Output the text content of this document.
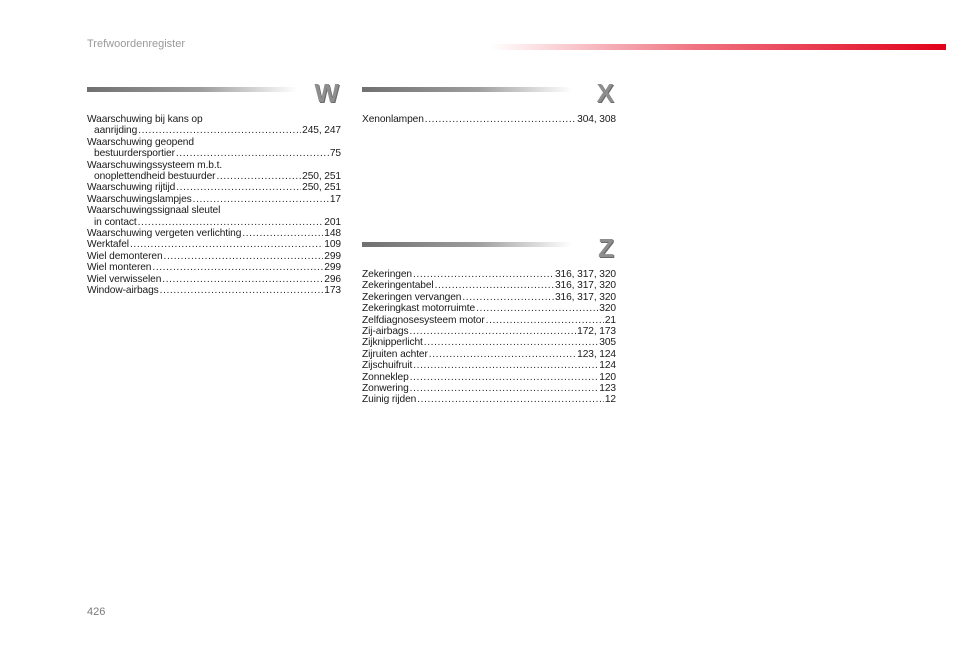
Trefwoordenregister
W
Waarschuwing bij kans op
aanrijding .....	245, 247
Waarschuwing geopend
bestuurdersportier .....	75
Waarschuwingssysteem m.b.t.
onoplettendheid bestuurder .....	250, 251
Waarschuwing rijtijd .....	250, 251
Waarschuwingslampjes .....	17
Waarschuwingssignaal sleutel
in contact .....	201
Waarschuwing vergeten verlichting .....	148
Werktafel .....	109
Wiel demonteren .....	299
Wiel monteren .....	299
Wiel verwisselen .....	296
Window-airbags .....	173
X
Xenonlampen .....	304, 308
Z
Zekeringen .....	316, 317, 320
Zekeringentabel .....	316, 317, 320
Zekeringen vervangen .....	316, 317, 320
Zekeringkast motorruimte .....	320
Zelfdiagnosesysteem motor .....	21
Zij-airbags .....	172, 173
Zijknipperlicht .....	305
Zijruiten achter .....	123, 124
Zijschuifruit .....	124
Zonneklep .....	120
Zonwering .....	123
Zuinig rijden .....	12
426
